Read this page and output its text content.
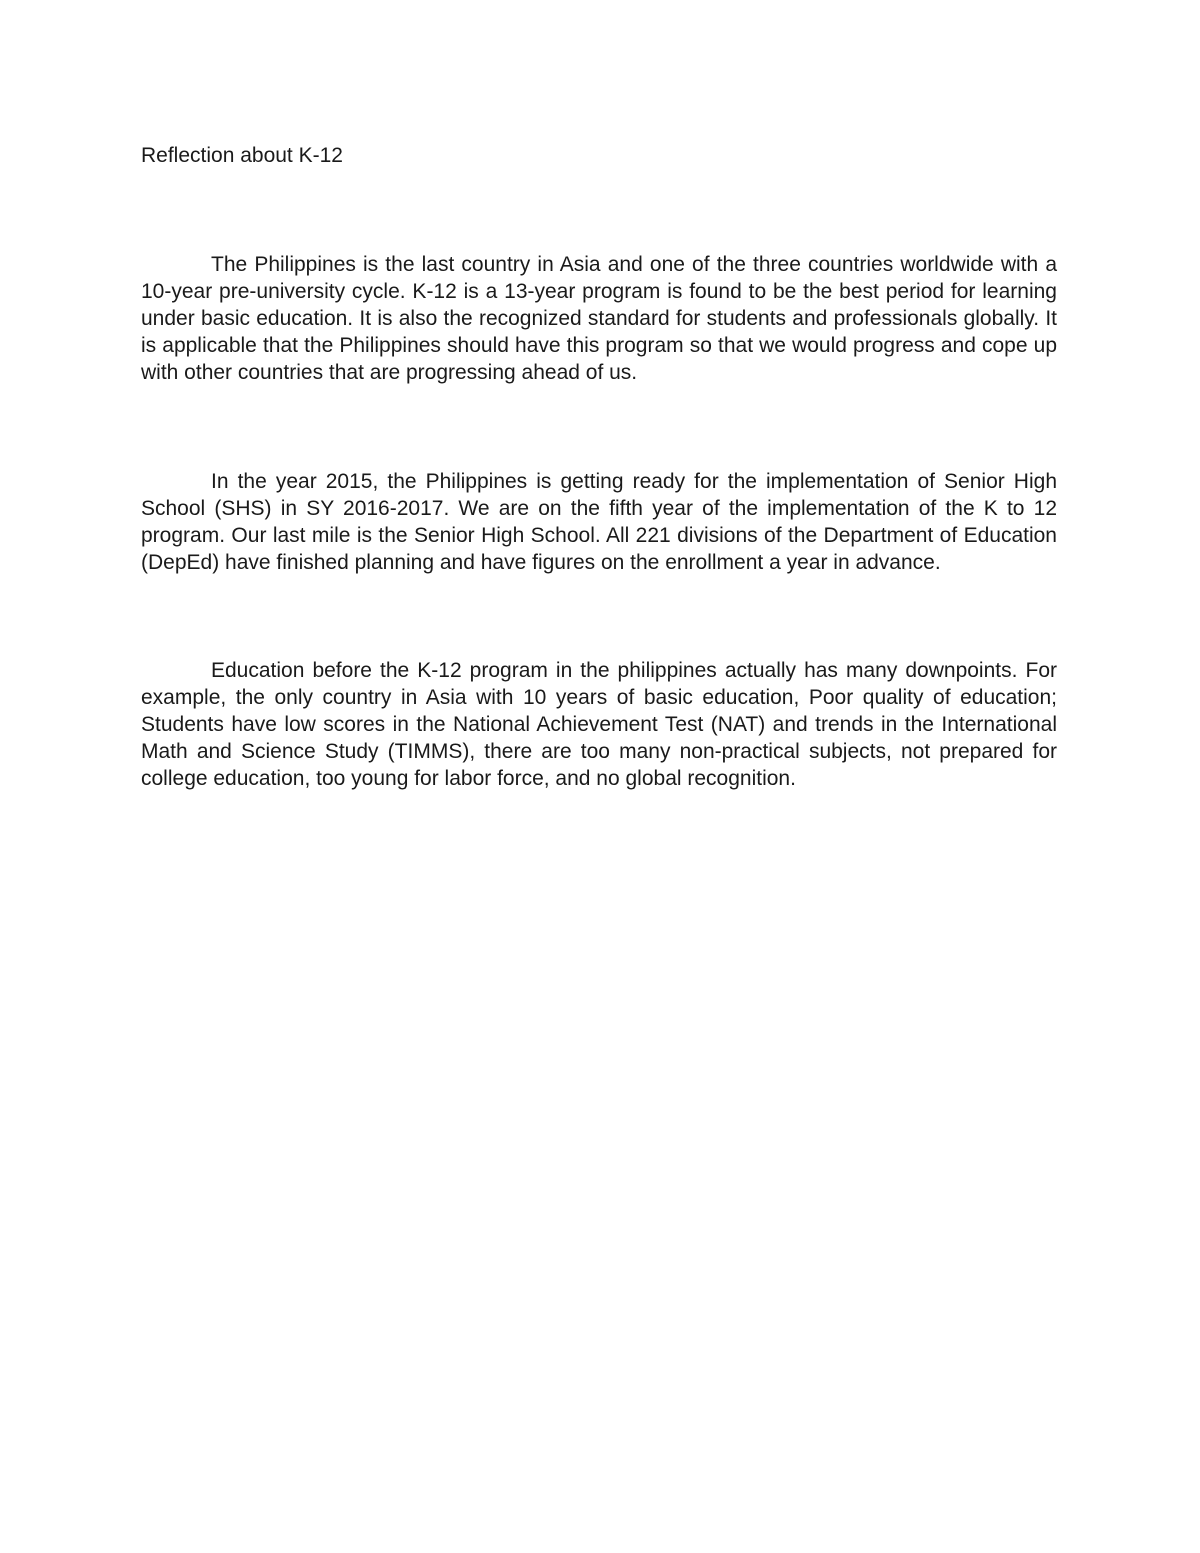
Reflection about K-12

The Philippines is the last country in Asia and one of the three countries worldwide with a 10-year pre-university cycle. K-12 is a 13-year program is found to be the best period for learning under basic education. It is also the recognized standard for students and professionals globally. It is applicable that the Philippines should have this program so that we would progress and cope up with other countries that are progressing ahead of us.

In the year 2015, the Philippines is getting ready for the implementation of Senior High School (SHS) in SY 2016-2017. We are on the fifth year of the implementation of the K to 12 program. Our last mile is the Senior High School. All 221 divisions of the Department of Education (DepEd) have finished planning and have figures on the enrollment a year in advance.

Education before the K-12 program in the philippines actually has many downpoints. For example, the only country in Asia with 10 years of basic education, Poor quality of education; Students have low scores in the National Achievement Test (NAT) and trends in the International Math and Science Study (TIMMS), there are too many non-practical subjects, not prepared for college education, too young for labor force, and no global recognition.
